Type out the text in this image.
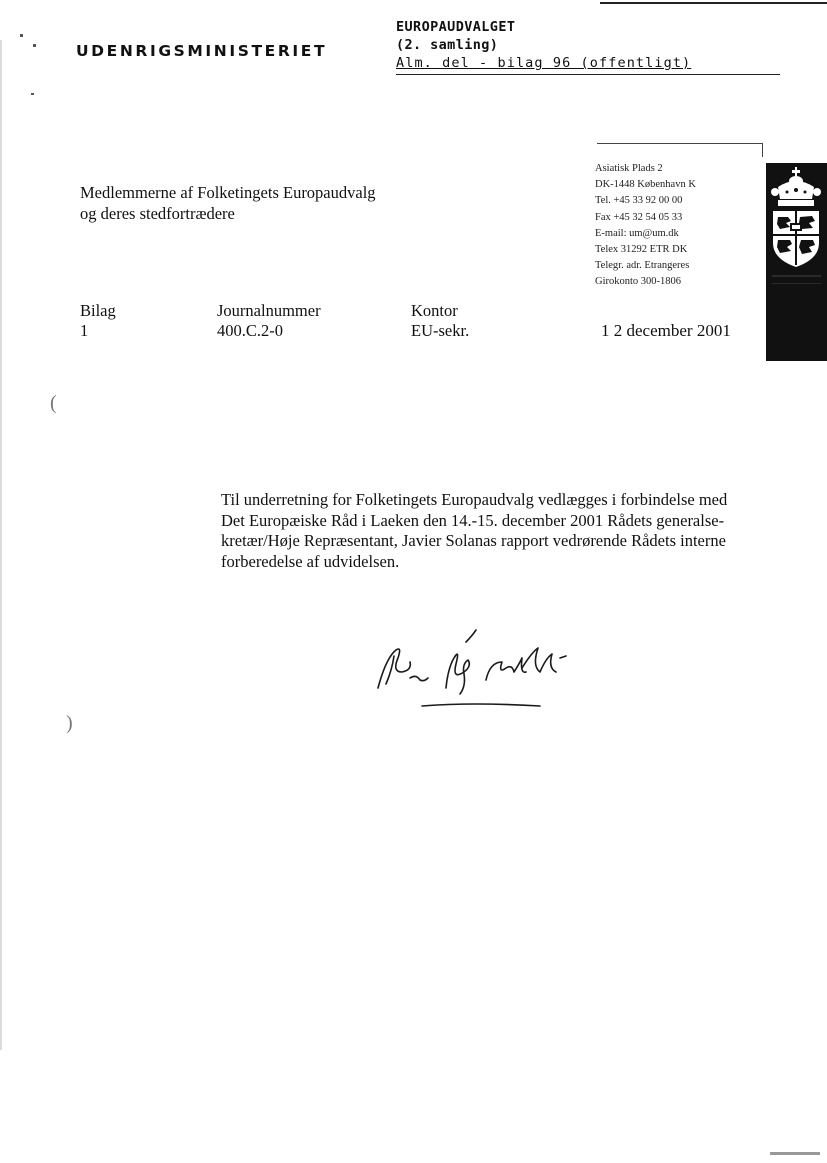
UDENRIGSMINISTERIET
EUROPAUDVALGET
(2. samling)
Alm. del - bilag 96 (offentligt)
Medlemmerne af Folketingets Europaudvalg
og deres stedfortrædere
Asiatisk Plads 2
DK-1448 København K
Tel. +45 33 92 00 00
Fax +45 32 54 05 33
E-mail: um@um.dk
Telex 31292 ETR DK
Telegr. adr. Etrangeres
Girokonto 300-1806
Bilag
1
Journalnummer
400.C.2-0
Kontor
EU-sekr.	1 2 december 2001
Til underretning for Folketingets Europaudvalg vedlægges i forbindelse med
Det Europæiske Råd i Laeken den 14.-15. december 2001 Rådets generalse-
kretær/Høje Repræsentant, Javier Solanas rapport vedrørende Rådets interne
forberedelse af udvidelsen.
(
)
